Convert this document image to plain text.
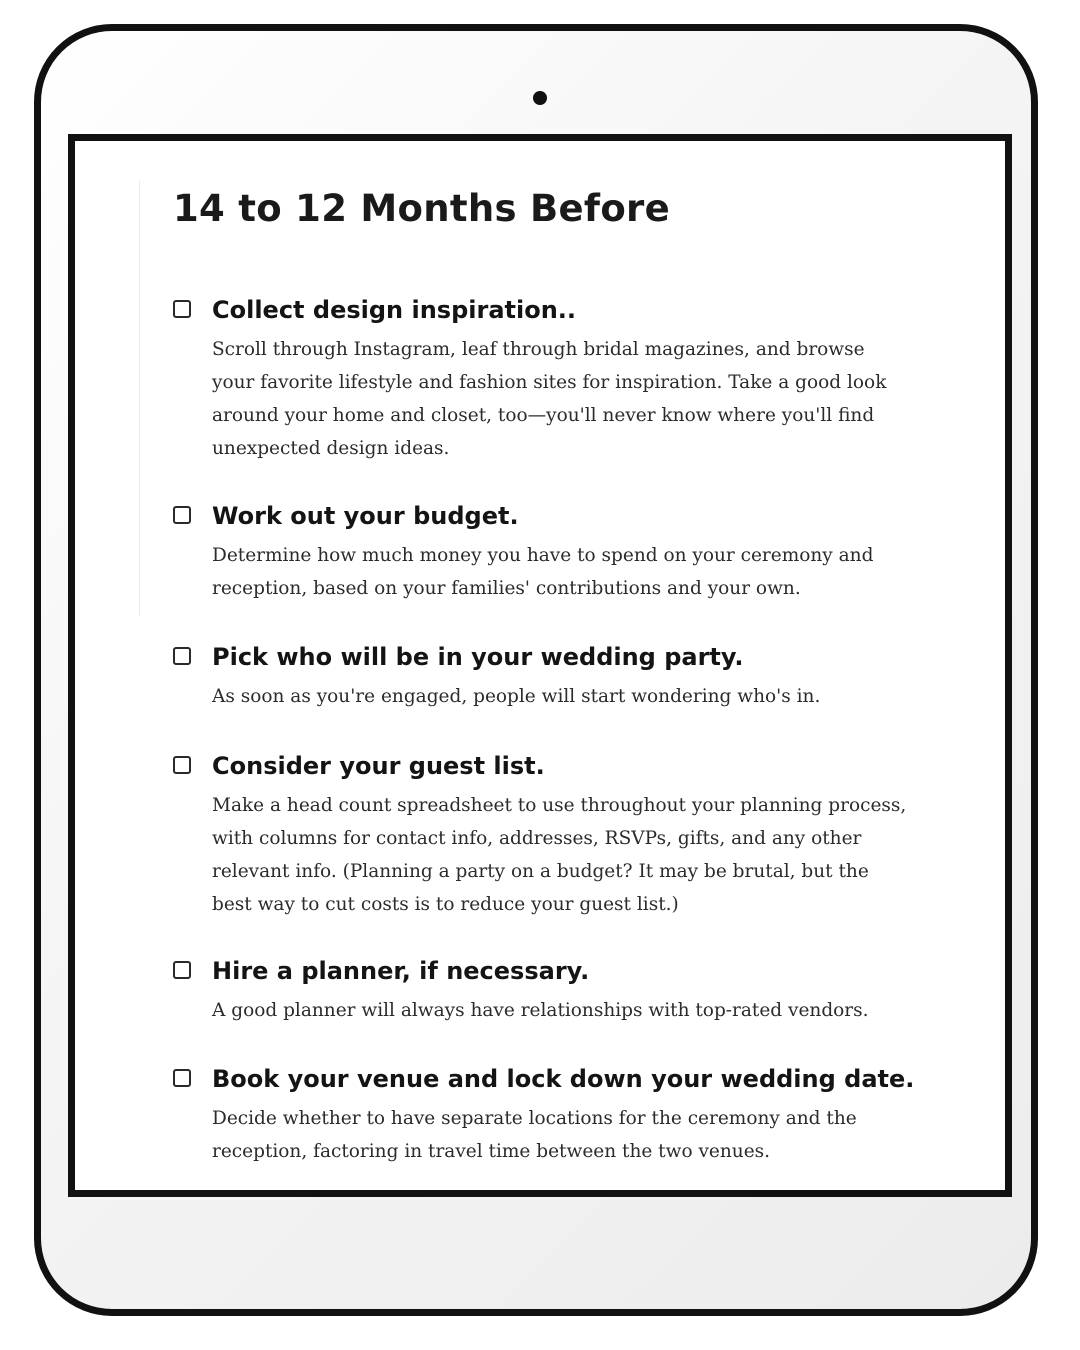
14 to 12 Months Before
Collect design inspiration..

Scroll through Instagram, leaf through bridal magazines, and browse your favorite lifestyle and fashion sites for inspiration. Take a good look around your home and closet, too—you'll never know where you'll find unexpected design ideas.

Work out your budget.

Determine how much money you have to spend on your ceremony and reception, based on your families' contributions and your own.

Pick who will be in your wedding party.

As soon as you're engaged, people will start wondering who's in.

Consider your guest list.

Make a head count spreadsheet to use throughout your planning process, with columns for contact info, addresses, RSVPs, gifts, and any other relevant info. (Planning a party on a budget? It may be brutal, but the best way to cut costs is to reduce your guest list.)

Hire a planner, if necessary.

A good planner will always have relationships with top-rated vendors.

Book your venue and lock down your wedding date.

Decide whether to have separate locations for the ceremony and the reception, factoring in travel time between the two venues.
